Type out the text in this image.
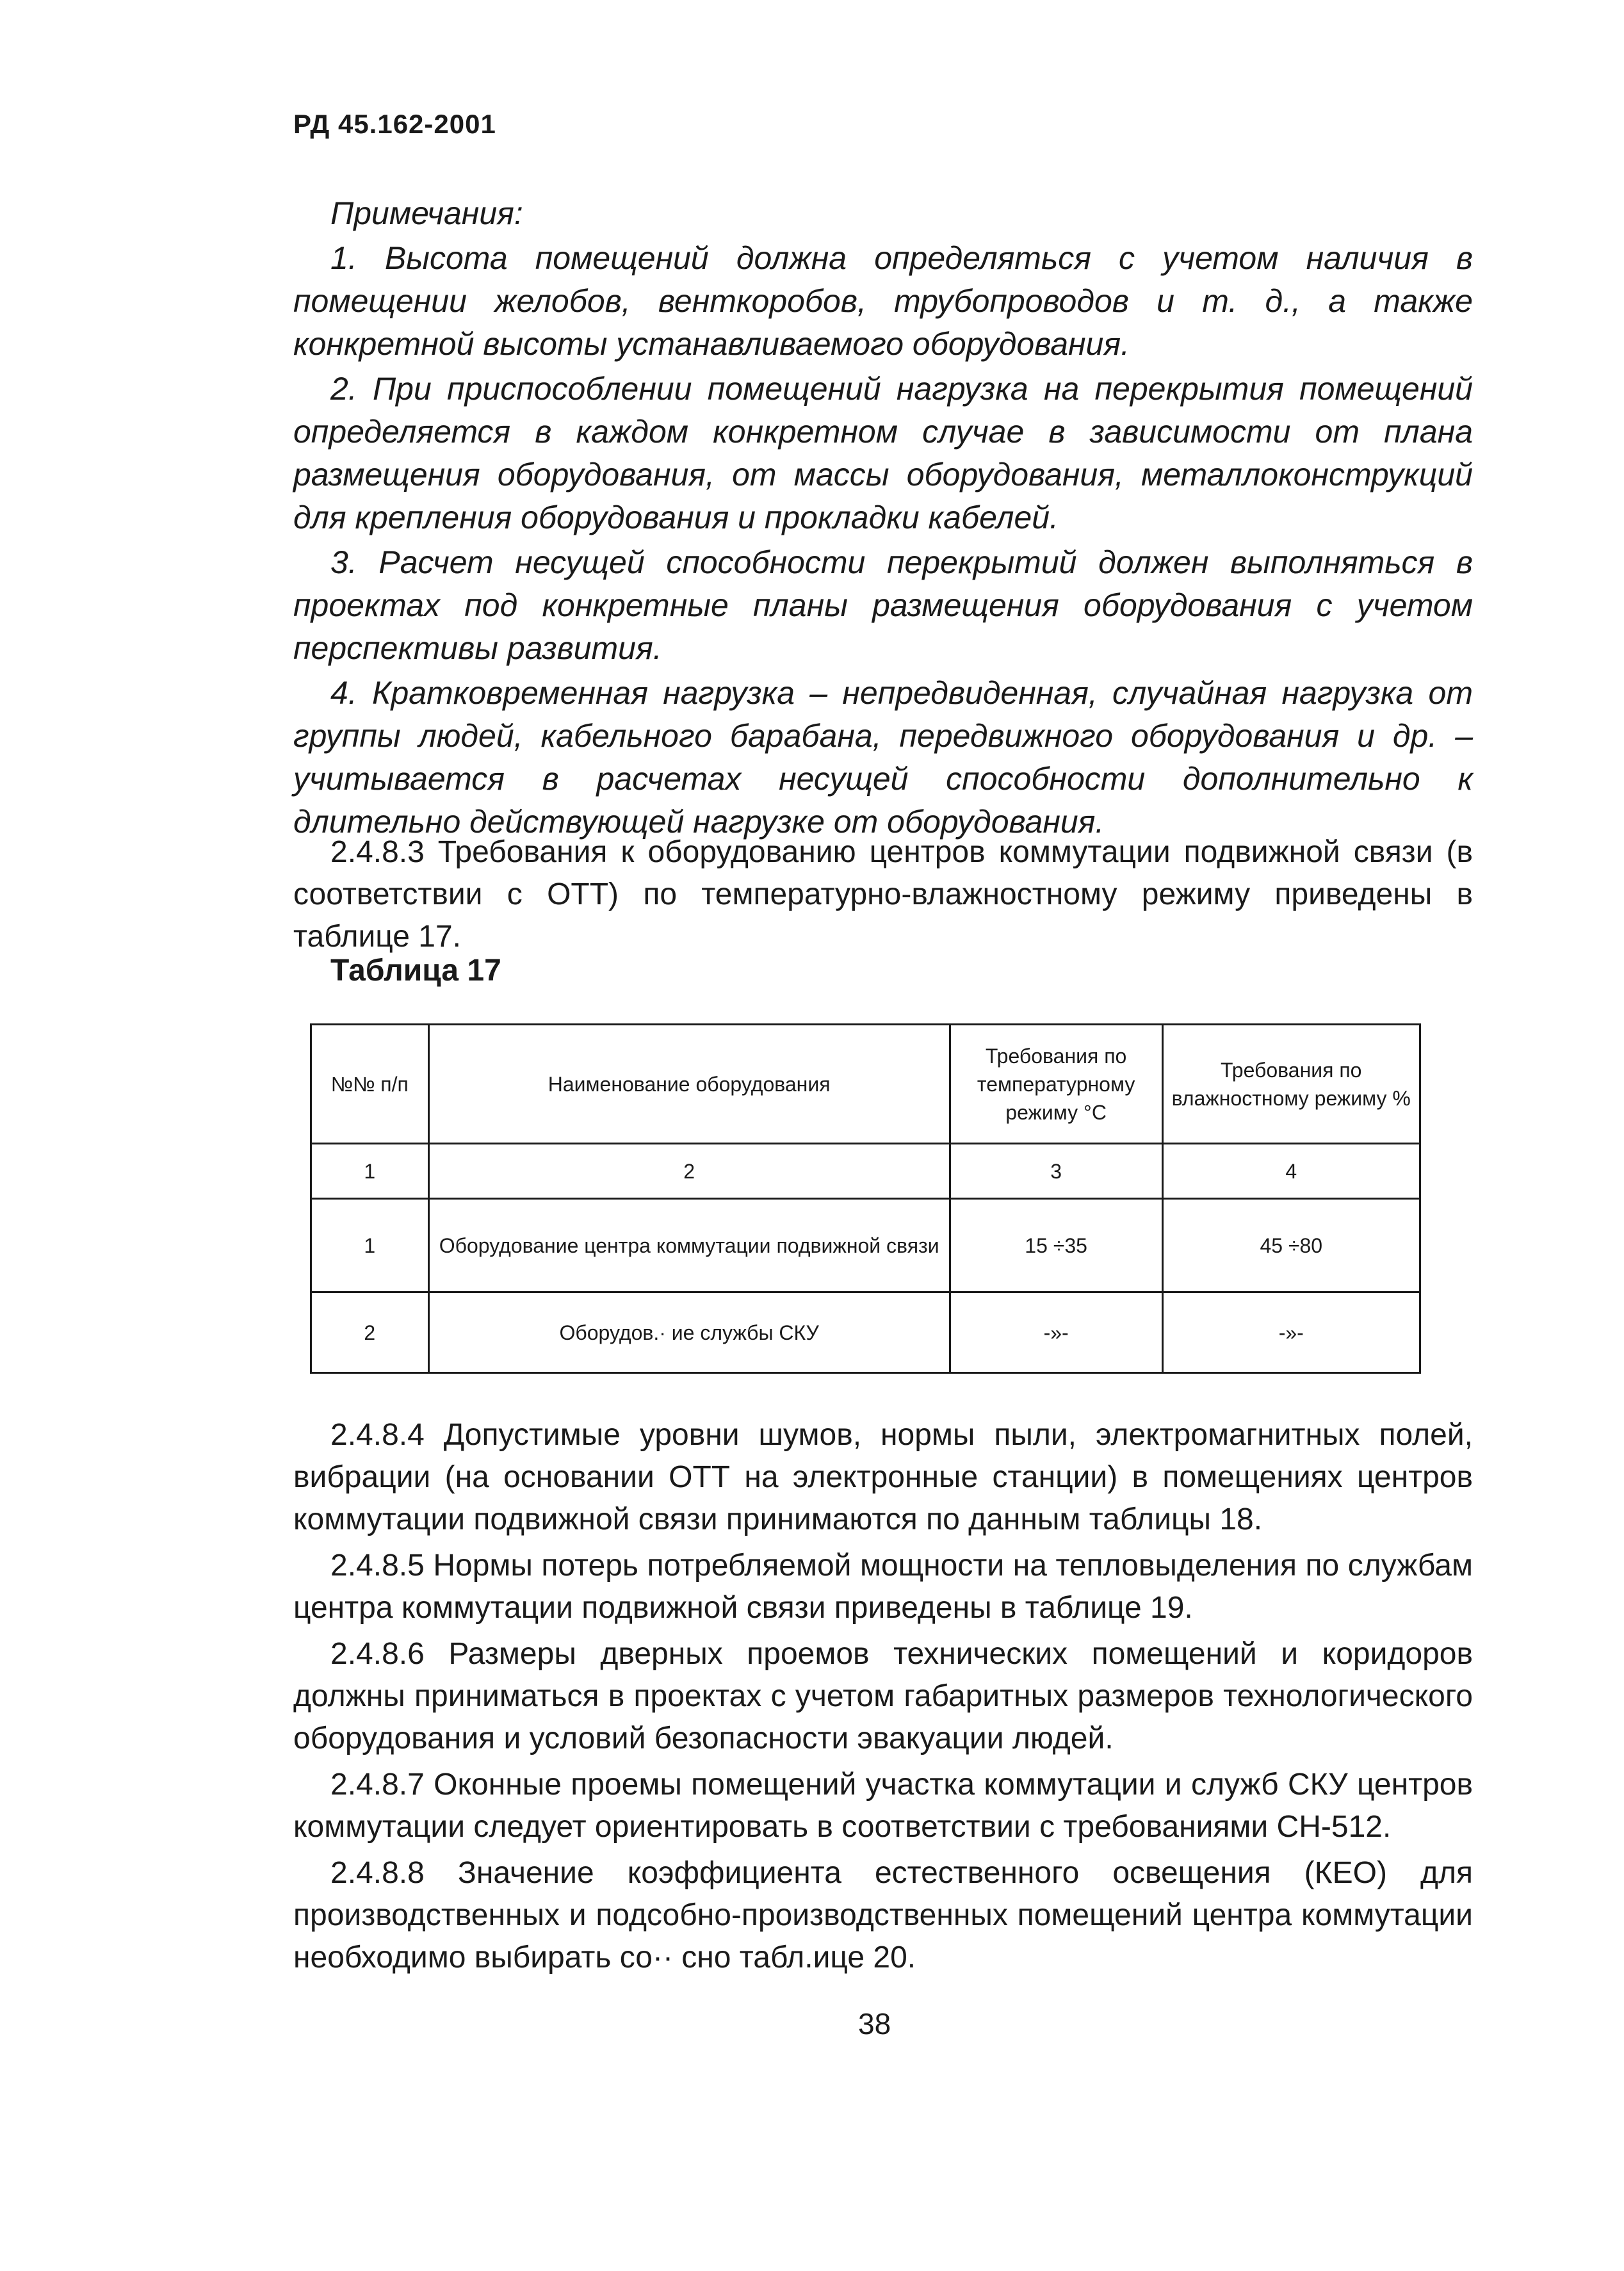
РД 45.162-2001

Примечания:

1. Высота помещений должна определяться с учетом наличия в помещении желобов, венткоробов, трубопроводов и т. д., а также конкретной высоты устанавливаемого оборудования.

2. При приспособлении помещений нагрузка на перекрытия помещений определяется в каждом конкретном случае в зависимости от плана размещения оборудования, от массы оборудования, металлоконструкций для крепления оборудования и прокладки кабелей.

3. Расчет несущей способности перекрытий должен выполняться в проектах под конкретные планы размещения оборудования с учетом перспективы развития.

4. Кратковременная нагрузка – непредвиденная, случайная нагрузка от группы людей, кабельного барабана, передвижного оборудования и др. – учитывается в расчетах несущей способности дополнительно к длительно действующей нагрузке от оборудования.

2.4.8.3 Требования к оборудованию центров коммутации подвижной связи (в соответствии с ОТТ) по температурно-влажностному режиму приведены в таблице 17.

Таблица 17
№№ п/п	Наименование оборудования	Требования по температурному режиму °С	Требования по влажностному режиму %
1	2	3	4
1	Оборудование центра коммутации подвижной связи	15 ÷35	45 ÷80
2	Оборудов.· ие службы СКУ	-»-	-»-

2.4.8.4 Допустимые уровни шумов, нормы пыли, электромагнитных полей, вибрации (на основании ОТТ на электронные станции) в помещениях центров коммутации подвижной связи принимаются по данным таблицы 18.

2.4.8.5 Нормы потерь потребляемой мощности на тепловыделения по службам центра коммутации подвижной связи приведены в таблице 19.

2.4.8.6 Размеры дверных проемов технических помещений и коридоров должны приниматься в проектах с учетом габаритных размеров технологического оборудования и условий безопасности эвакуации людей.

2.4.8.7 Оконные проемы помещений участка коммутации и служб СКУ центров коммутации следует ориентировать в соответствии с требованиями СН-512.

2.4.8.8 Значение коэффициента естественного освещения (КЕО) для производственных и подсобно-производственных помещений центра коммутации необходимо выбирать со·· сно табл.ице 20.

38
